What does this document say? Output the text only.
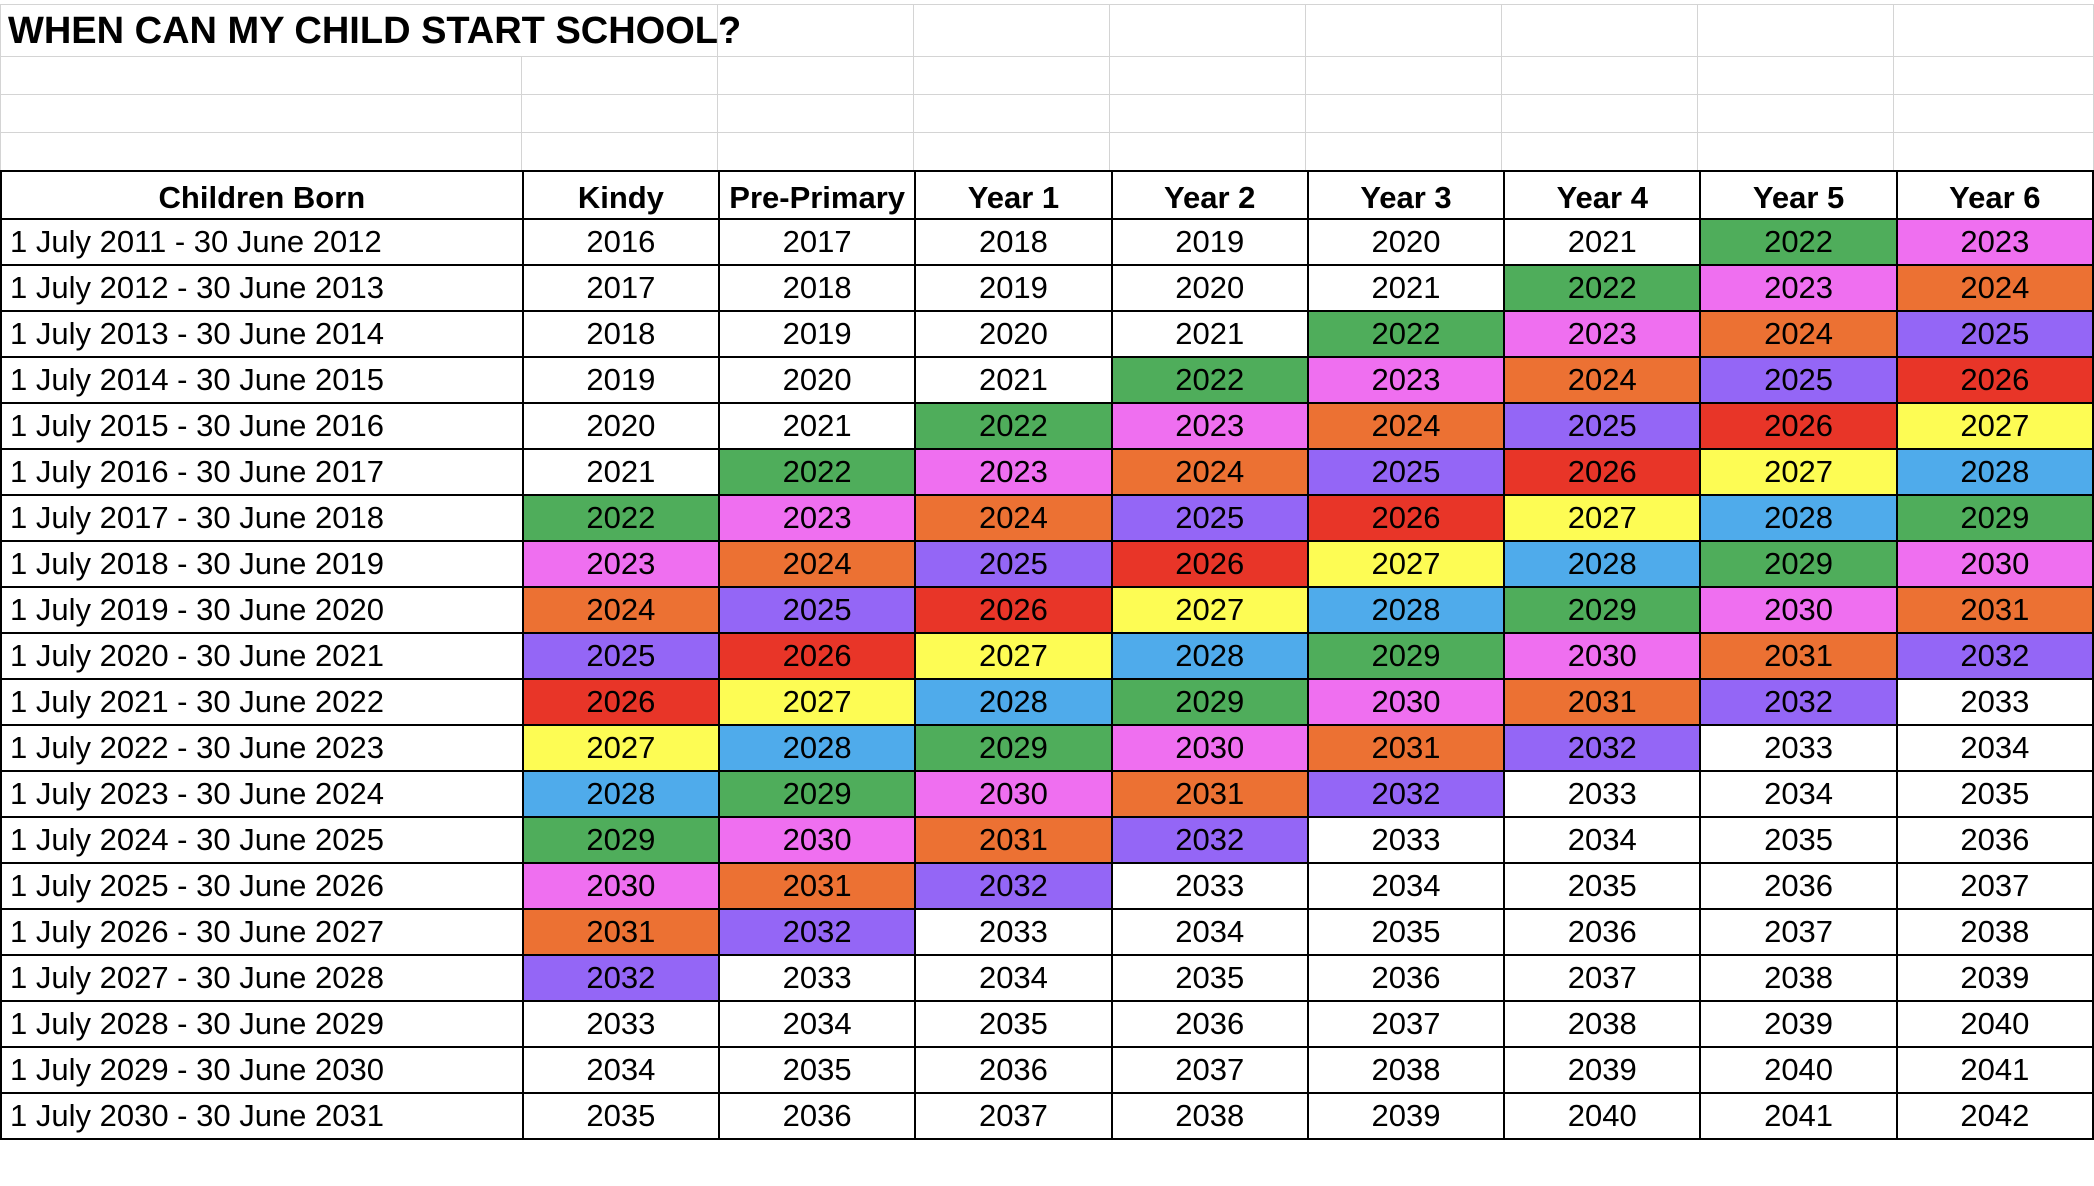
WHEN CAN MY CHILD START SCHOOL?
Children Born	Kindy	Pre-Primary	Year 1	Year 2	Year 3	Year 4	Year 5	Year 6
1 July 2011 - 30 June 2012	2016	2017	2018	2019	2020	2021	2022	2023
1 July 2012 - 30 June 2013	2017	2018	2019	2020	2021	2022	2023	2024
1 July 2013 - 30 June 2014	2018	2019	2020	2021	2022	2023	2024	2025
1 July 2014 - 30 June 2015	2019	2020	2021	2022	2023	2024	2025	2026
1 July 2015 - 30 June 2016	2020	2021	2022	2023	2024	2025	2026	2027
1 July 2016 - 30 June 2017	2021	2022	2023	2024	2025	2026	2027	2028
1 July 2017 - 30 June 2018	2022	2023	2024	2025	2026	2027	2028	2029
1 July 2018 - 30 June 2019	2023	2024	2025	2026	2027	2028	2029	2030
1 July 2019 - 30 June 2020	2024	2025	2026	2027	2028	2029	2030	2031
1 July 2020 - 30 June 2021	2025	2026	2027	2028	2029	2030	2031	2032
1 July 2021 - 30 June 2022	2026	2027	2028	2029	2030	2031	2032	2033
1 July 2022 - 30 June 2023	2027	2028	2029	2030	2031	2032	2033	2034
1 July 2023 - 30 June 2024	2028	2029	2030	2031	2032	2033	2034	2035
1 July 2024 - 30 June 2025	2029	2030	2031	2032	2033	2034	2035	2036
1 July 2025 - 30 June 2026	2030	2031	2032	2033	2034	2035	2036	2037
1 July 2026 - 30 June 2027	2031	2032	2033	2034	2035	2036	2037	2038
1 July 2027 - 30 June 2028	2032	2033	2034	2035	2036	2037	2038	2039
1 July 2028 - 30 June 2029	2033	2034	2035	2036	2037	2038	2039	2040
1 July 2029 - 30 June 2030	2034	2035	2036	2037	2038	2039	2040	2041
1 July 2030 - 30 June 2031	2035	2036	2037	2038	2039	2040	2041	2042
